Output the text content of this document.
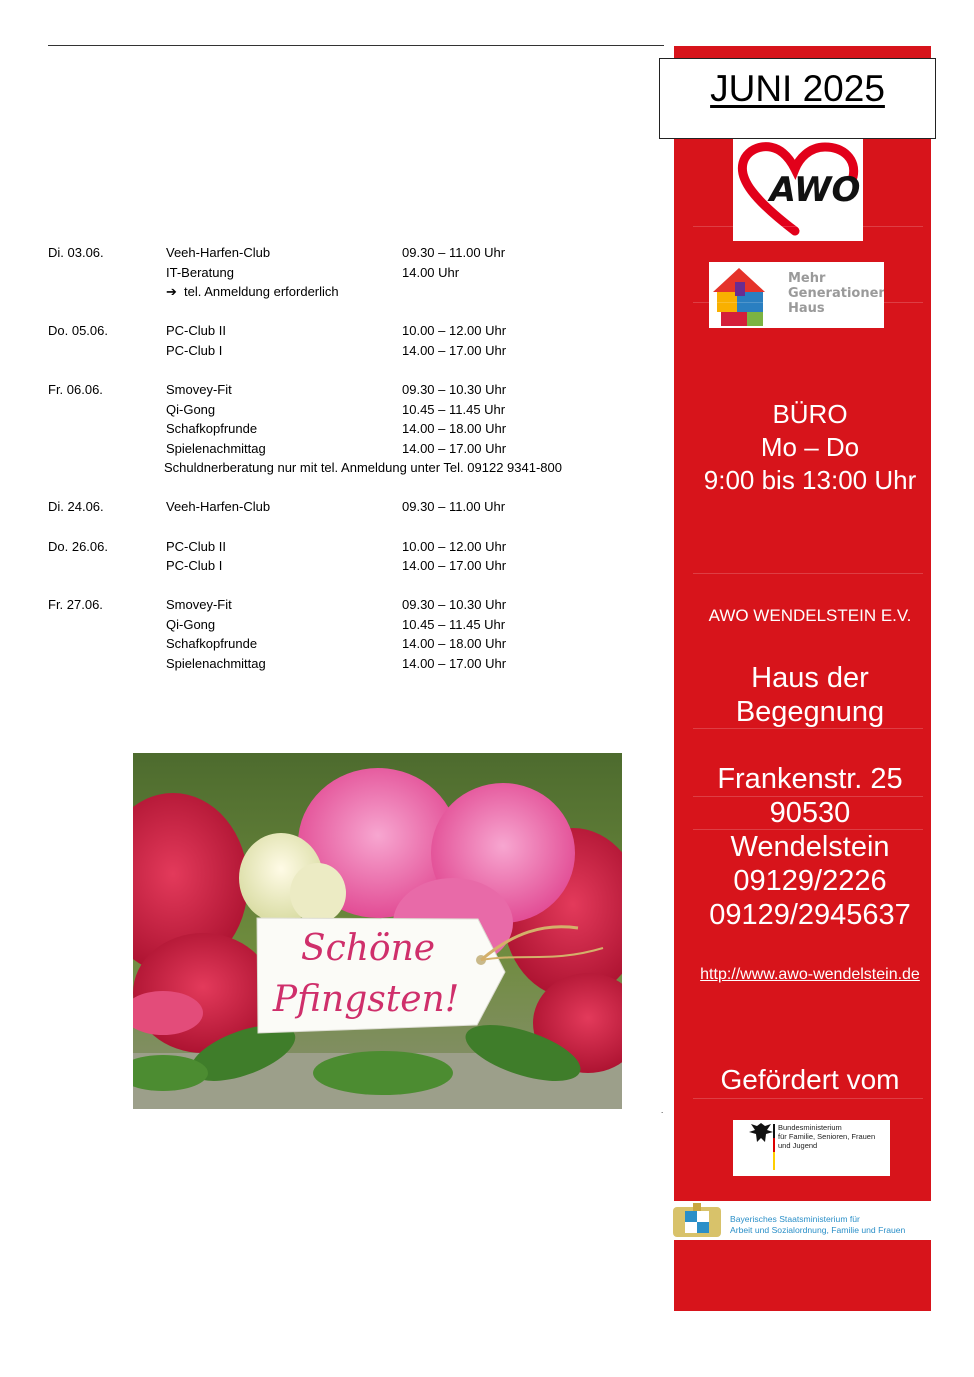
Di. 03.06.	Veeh-Harfen-Club	09.30 – 11.00 Uhr
IT-Beratung	14.00 Uhr
➔ tel. Anmeldung erforderlich
Do. 05.06.	PC-Club II	10.00 – 12.00 Uhr
PC-Club I	14.00 – 17.00 Uhr
Fr. 06.06.	Smovey-Fit	09.30 – 10.30 Uhr
Qi-Gong	10.45 – 11.45 Uhr
Schafkopfrunde	14.00 – 18.00 Uhr
Spielenachmittag	14.00 – 17.00 Uhr
Schuldnerberatung nur mit tel. Anmeldung unter Tel. 09122 9341-800
Di. 24.06.	Veeh-Harfen-Club	09.30 – 11.00 Uhr
Do. 26.06.	PC-Club II	10.00 – 12.00 Uhr
PC-Club I	14.00 – 17.00 Uhr
Fr. 27.06.	Smovey-Fit	09.30 – 10.30 Uhr
Qi-Gong	10.45 – 11.45 Uhr
Schafkopfrunde	14.00 – 18.00 Uhr
Spielenachmittag	14.00 – 17.00 Uhr
Schöne
Pfingsten!
.
JUNI 2025
AWO
Mehr
Generationen
Haus
BÜRO
Mo – Do
9:00 bis 13:00 Uhr
AWO WENDELSTEIN E.V.
Haus der
Begegnung
Frankenstr. 25
90530
Wendelstein
09129/2226
09129/2945637
http://www.awo-wendelstein.de
Gefördert vom
Bundesministerium
für Familie, Senioren, Frauen
und Jugend
Bayerisches Staatsministerium für
Arbeit und Sozialordnung, Familie und Frauen
